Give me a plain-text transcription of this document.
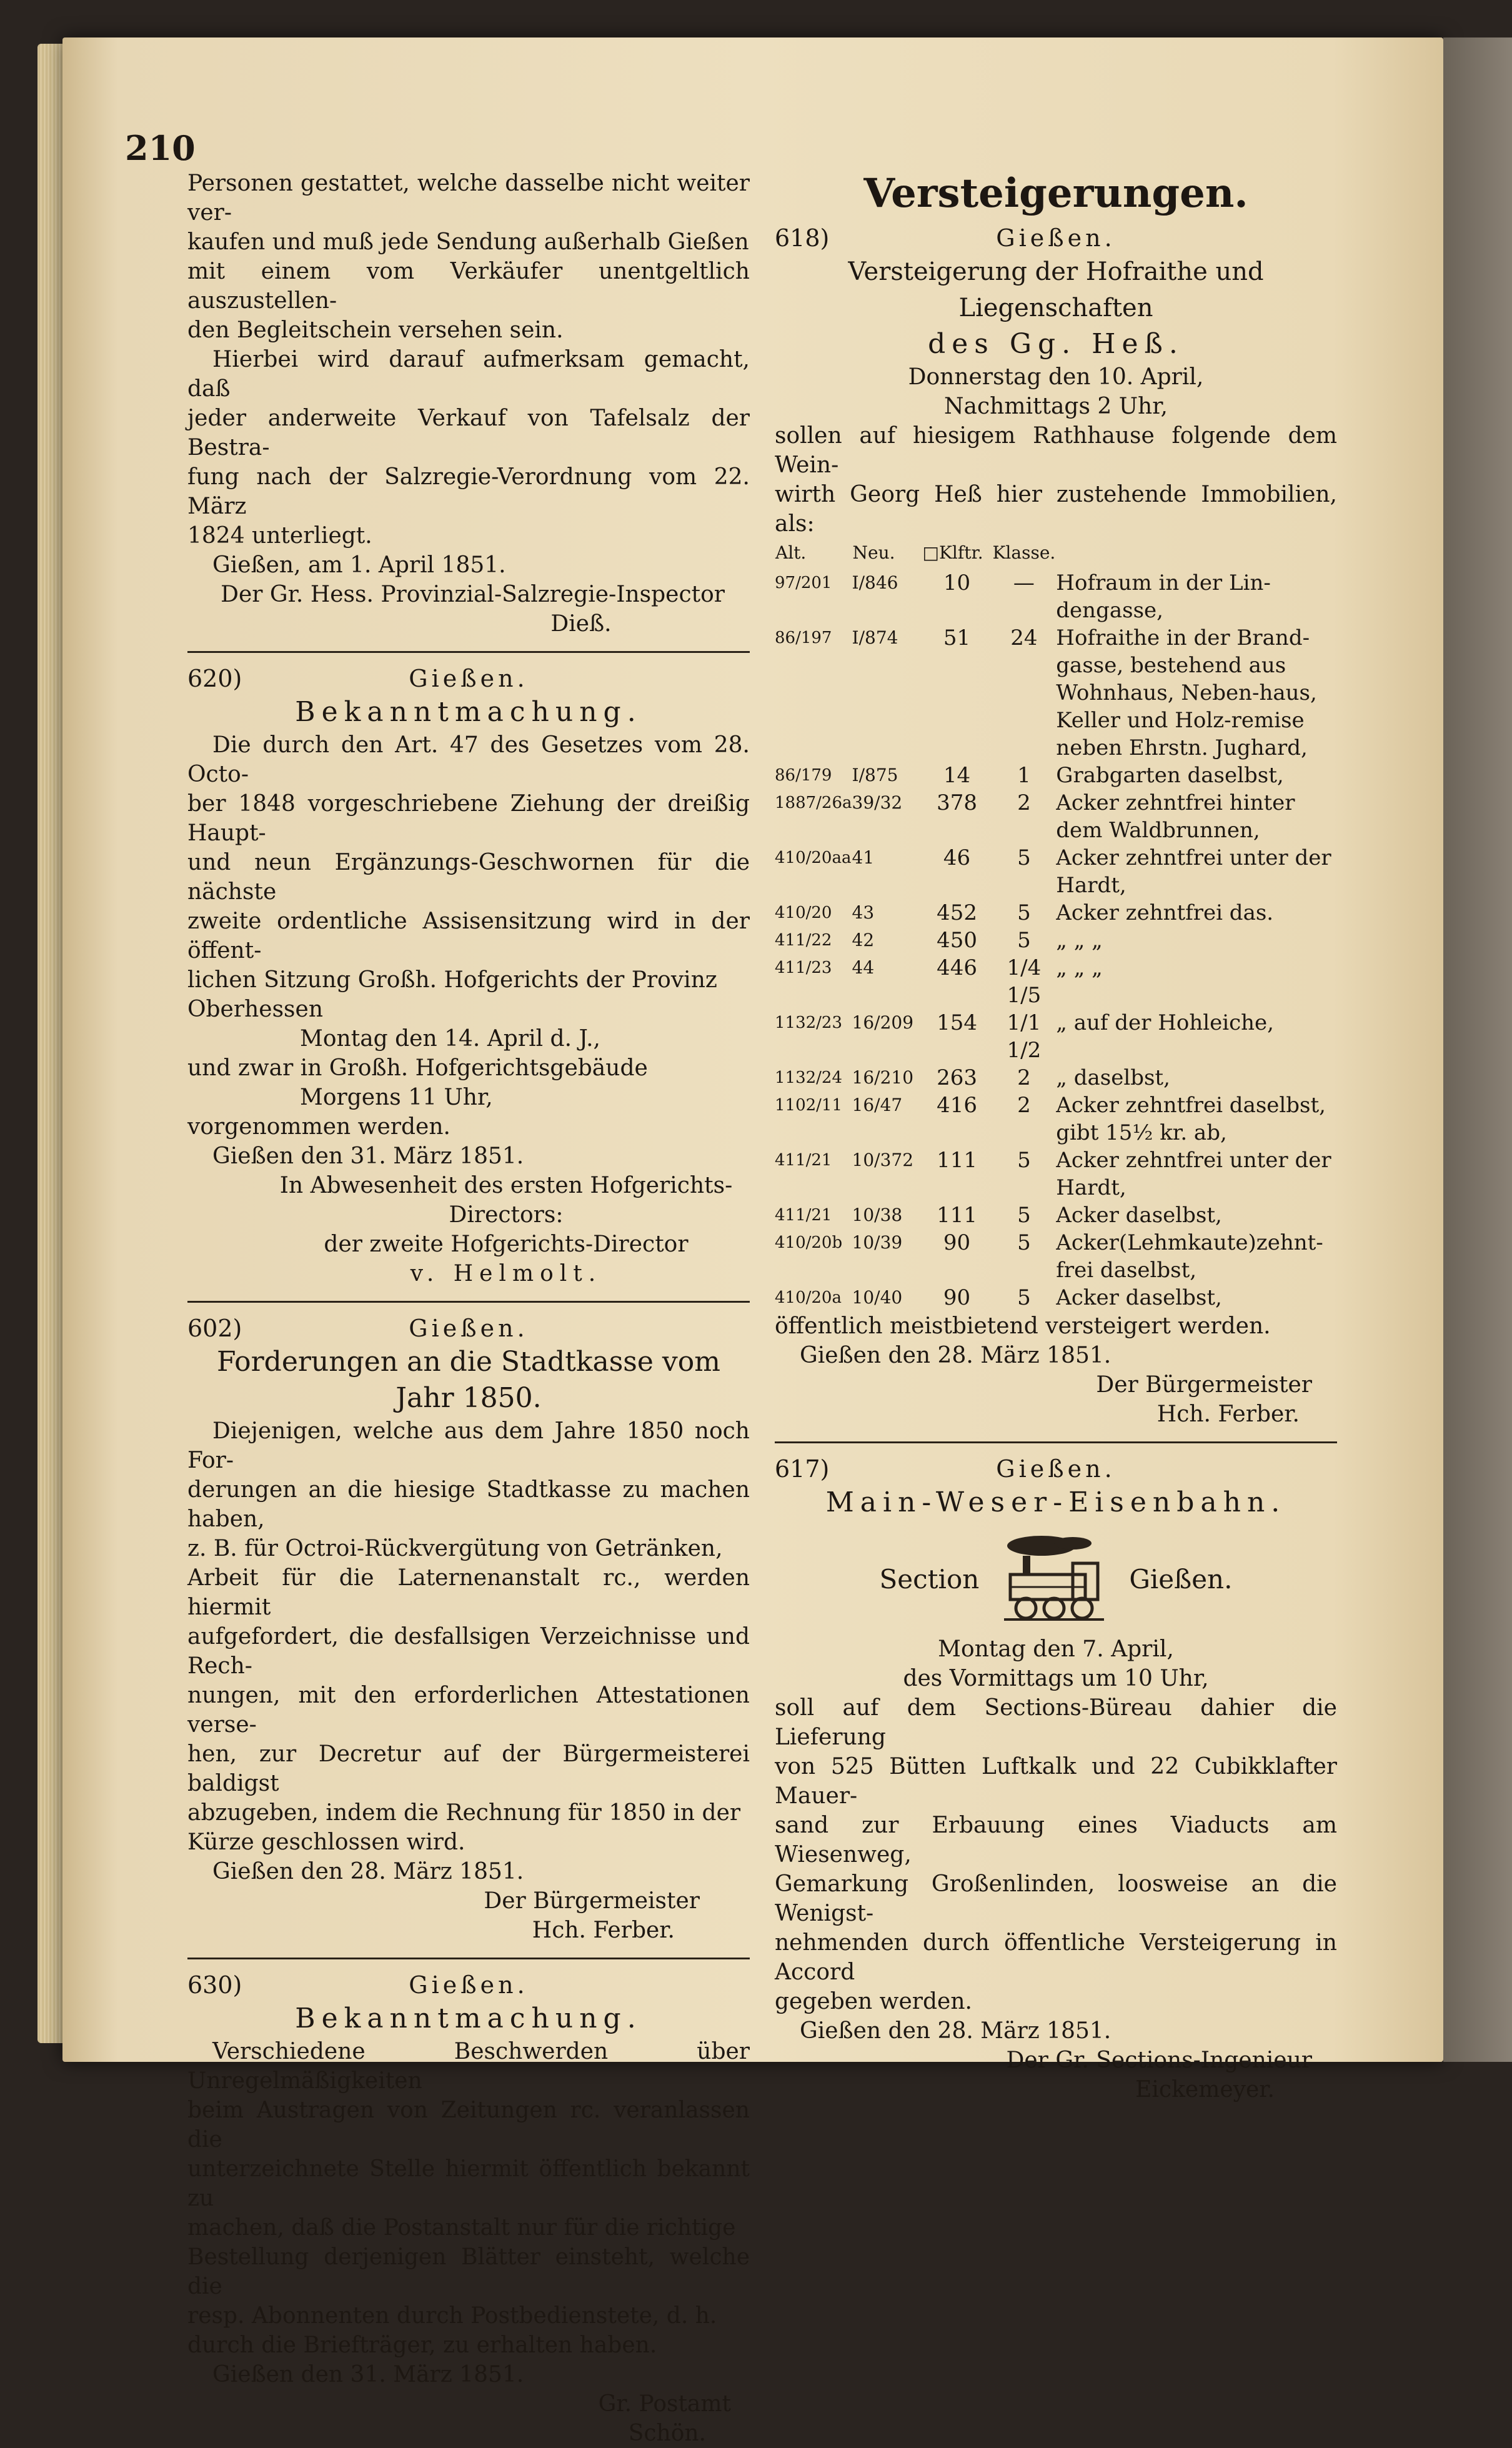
210

Personen gestattet, welche dasselbe nicht weiter ver-

kaufen und muß jede Sendung außerhalb Gießen

mit einem vom Verkäufer unentgeltlich auszustellen-

den Begleitschein versehen sein.

Hierbei wird darauf aufmerksam gemacht, daß

jeder anderweite Verkauf von Tafelsalz der Bestra-

fung nach der Salzregie-Verordnung vom 22. März

1824 unterliegt.

Gießen, am 1. April 1851.

Der Gr. Hess. Provinzial-Salzregie-Inspector

Dieß.

620)	Gießen.
Bekanntmachung.

Die durch den Art. 47 des Gesetzes vom 28. Octo-

ber 1848 vorgeschriebene Ziehung der dreißig Haupt-

und neun Ergänzungs-Geschwornen für die nächste

zweite ordentliche Assisensitzung wird in der öffent-

lichen Sitzung Großh. Hofgerichts der Provinz

Oberhessen

Montag den 14. April d. J.,

und zwar in Großh. Hofgerichtsgebäude

Morgens 11 Uhr,

vorgenommen werden.

Gießen den 31. März 1851.

In Abwesenheit des ersten Hofgerichts-

Directors:

der zweite Hofgerichts-Director

v. Helmolt.

602)	Gießen.
Forderungen an die Stadtkasse vom
Jahr 1850.

Diejenigen, welche aus dem Jahre 1850 noch For-

derungen an die hiesige Stadtkasse zu machen haben,

z. B. für Octroi-Rückvergütung von Getränken,

Arbeit für die Laternenanstalt rc., werden hiermit

aufgefordert, die desfallsigen Verzeichnisse und Rech-

nungen, mit den erforderlichen Attestationen verse-

hen, zur Decretur auf der Bürgermeisterei baldigst

abzugeben, indem die Rechnung für 1850 in der

Kürze geschlossen wird.

Gießen den 28. März 1851.

Der Bürgermeister

Hch. Ferber.

630)	Gießen.
Bekanntmachung.

Verschiedene Beschwerden über Unregelmäßigkeiten

beim Austragen von Zeitungen rc. veranlassen die

unterzeichnete Stelle hiermit öffentlich bekannt zu

machen, daß die Postanstalt nur für die richtige

Bestellung derjenigen Blätter einsteht, welche die

resp. Abonnenten durch Postbedienstete, d. h.

durch die Briefträger, zu erhalten haben.

Gießen den 31. März 1851.

Gr. Postamt

Schön.

Versteigerungen.
618)	Gießen.
Versteigerung der Hofraithe und Liegenschaften
des Gg. Heß.

Donnerstag den 10. April,

Nachmittags 2 Uhr,

sollen auf hiesigem Rathhause folgende dem Wein-

wirth Georg Heß hier zustehende Immobilien, als:

Alt.	Neu.	□Klftr.	Klasse.	
97/201	I/846	10	—	Hofraum in der Lin-dengasse,
86/197	I/874	51	24	Hofraithe in der Brand-gasse, bestehend aus Wohnhaus, Neben-haus, Keller und Holz-remise neben Ehrstn. Jughard,
86/179	I/875	14	1	Grabgarten daselbst,
1887/26a	39/32	378	2	Acker zehntfrei hinter dem Waldbrunnen,
410/20aa	41	46	5	Acker zehntfrei unter der Hardt,
410/20	43	452	5	Acker zehntfrei das.
411/22	42	450	5	„ „ „
411/23	44	446	1/4 1/5	„ „ „
1132/23	16/209	154	1/1 1/2	„ auf der Hohleiche,
1132/24	16/210	263	2	„ daselbst,
1102/11	16/47	416	2	Acker zehntfrei daselbst, gibt 15½ kr. ab,
411/21	10/372	111	5	Acker zehntfrei unter der Hardt,
411/21	10/38	111	5	Acker daselbst,
410/20b	10/39	90	5	Acker(Lehmkaute)zehnt-frei daselbst,
410/20a	10/40	90	5	Acker daselbst,

öffentlich meistbietend versteigert werden.

Gießen den 28. März 1851.

Der Bürgermeister

Hch. Ferber.

617)	Gießen.
Main-Weser-Eisenbahn.
Section	Gießen.

Montag den 7. April,

des Vormittags um 10 Uhr,

soll auf dem Sections-Büreau dahier die Lieferung

von 525 Bütten Luftkalk und 22 Cubikklafter Mauer-

sand zur Erbauung eines Viaducts am Wiesenweg,

Gemarkung Großenlinden, loosweise an die Wenigst-

nehmenden durch öffentliche Versteigerung in Accord

gegeben werden.

Gießen den 28. März 1851.

Der Gr. Sections-Ingenieur

Eickemeyer.
